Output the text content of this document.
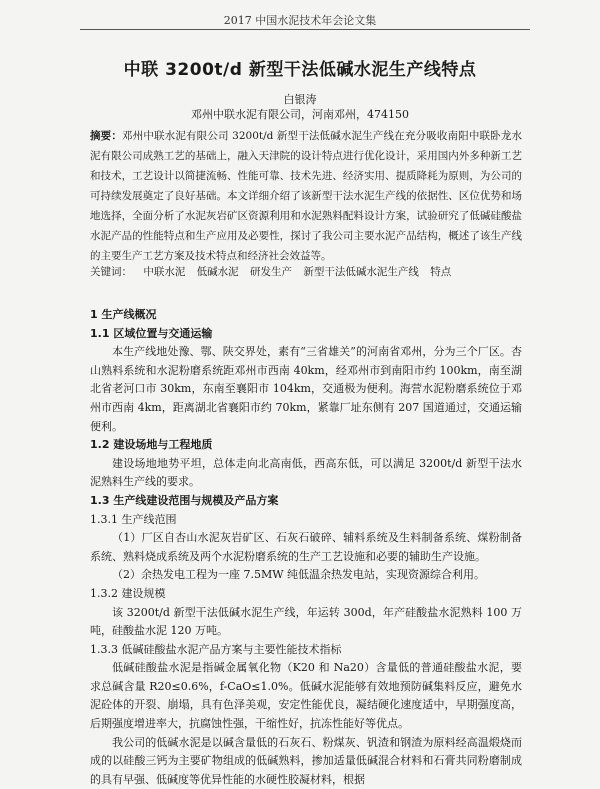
2017 中国水泥技术年会论文集
中联 3200t/d 新型干法低碱水泥生产线特点
白银涛
邓州中联水泥有限公司，河南邓州，474150
摘要：邓州中联水泥有限公司 3200t/d 新型干法低碱水泥生产线在充分吸收南阳中联卧龙水泥有限公司成熟工艺的基础上，融入天津院的设计特点进行优化设计，采用国内外多种新工艺和技术，工艺设计以简捷流畅、性能可靠、技术先进、经济实用、提质降耗为原则，为公司的可持续发展奠定了良好基础。本文详细介绍了该新型干法水泥生产线的依据性、区位优势和场地选择，全面分析了水泥灰岩矿区资源利用和水泥熟料配料设计方案，试验研究了低碱硅酸盐水泥产品的性能特点和生产应用及必要性，探讨了我公司主要水泥产品结构，概述了该生产线的主要生产工艺方案及技术特点和经济社会效益等。
关键词： 中联水泥 低碱水泥 研发生产 新型干法低碱水泥生产线 特点

1 生产线概况

1.1 区域位置与交通运输

本生产线地处豫、鄂、陕交界处，素有“三省雄关”的河南省邓州，分为三个厂区。杏山熟料系统和水泥粉磨系统距邓州市西南 40km，经邓州市到南阳市约 100km，南至湖北省老河口市 30km，东南至襄阳市 104km，交通极为便利。海营水泥粉磨系统位于邓州市西南 4km，距离湖北省襄阳市约 70km，紧靠厂址东侧有 207 国道通过，交通运输便利。

1.2 建设场地与工程地质

建设场地地势平坦，总体走向北高南低，西高东低，可以满足 3200t/d 新型干法水泥熟料生产线的要求。

1.3 生产线建设范围与规模及产品方案

1.3.1 生产线范围

（1）厂区自杏山水泥灰岩矿区、石灰石破碎、辅料系统及生料制备系统、煤粉制备系统、熟料烧成系统及两个水泥粉磨系统的生产工艺设施和必要的辅助生产设施。

（2）余热发电工程为一座 7.5MW 纯低温余热发电站，实现资源综合利用。

1.3.2 建设规模

该 3200t/d 新型干法低碱水泥生产线，年运转 300d，年产硅酸盐水泥熟料 100 万吨，硅酸盐水泥 120 万吨。

1.3.3 低碱硅酸盐水泥产品方案与主要性能技术指标

低碱硅酸盐水泥是指碱金属氧化物（K20 和 Na20）含量低的普通硅酸盐水泥，要求总碱含量 R20≤0.6%，f-CaO≤1.0%。低碱水泥能够有效地预防碱集料反应，避免水泥砼体的开裂、崩塌，具有色泽美观，安定性能优良，凝结硬化速度适中，早期强度高，后期强度增进率大，抗腐蚀性强，干缩性好，抗冻性能好等优点。

我公司的低碱水泥是以碱含量低的石灰石、粉煤灰、钒渣和钢渣为原料经高温煅烧而成的以硅酸三钙为主要矿物组成的低碱熟料，掺加适量低碱混合材料和石膏共同粉磨制成的具有早强、低碱度等优异性能的水硬性胶凝材料，根据
